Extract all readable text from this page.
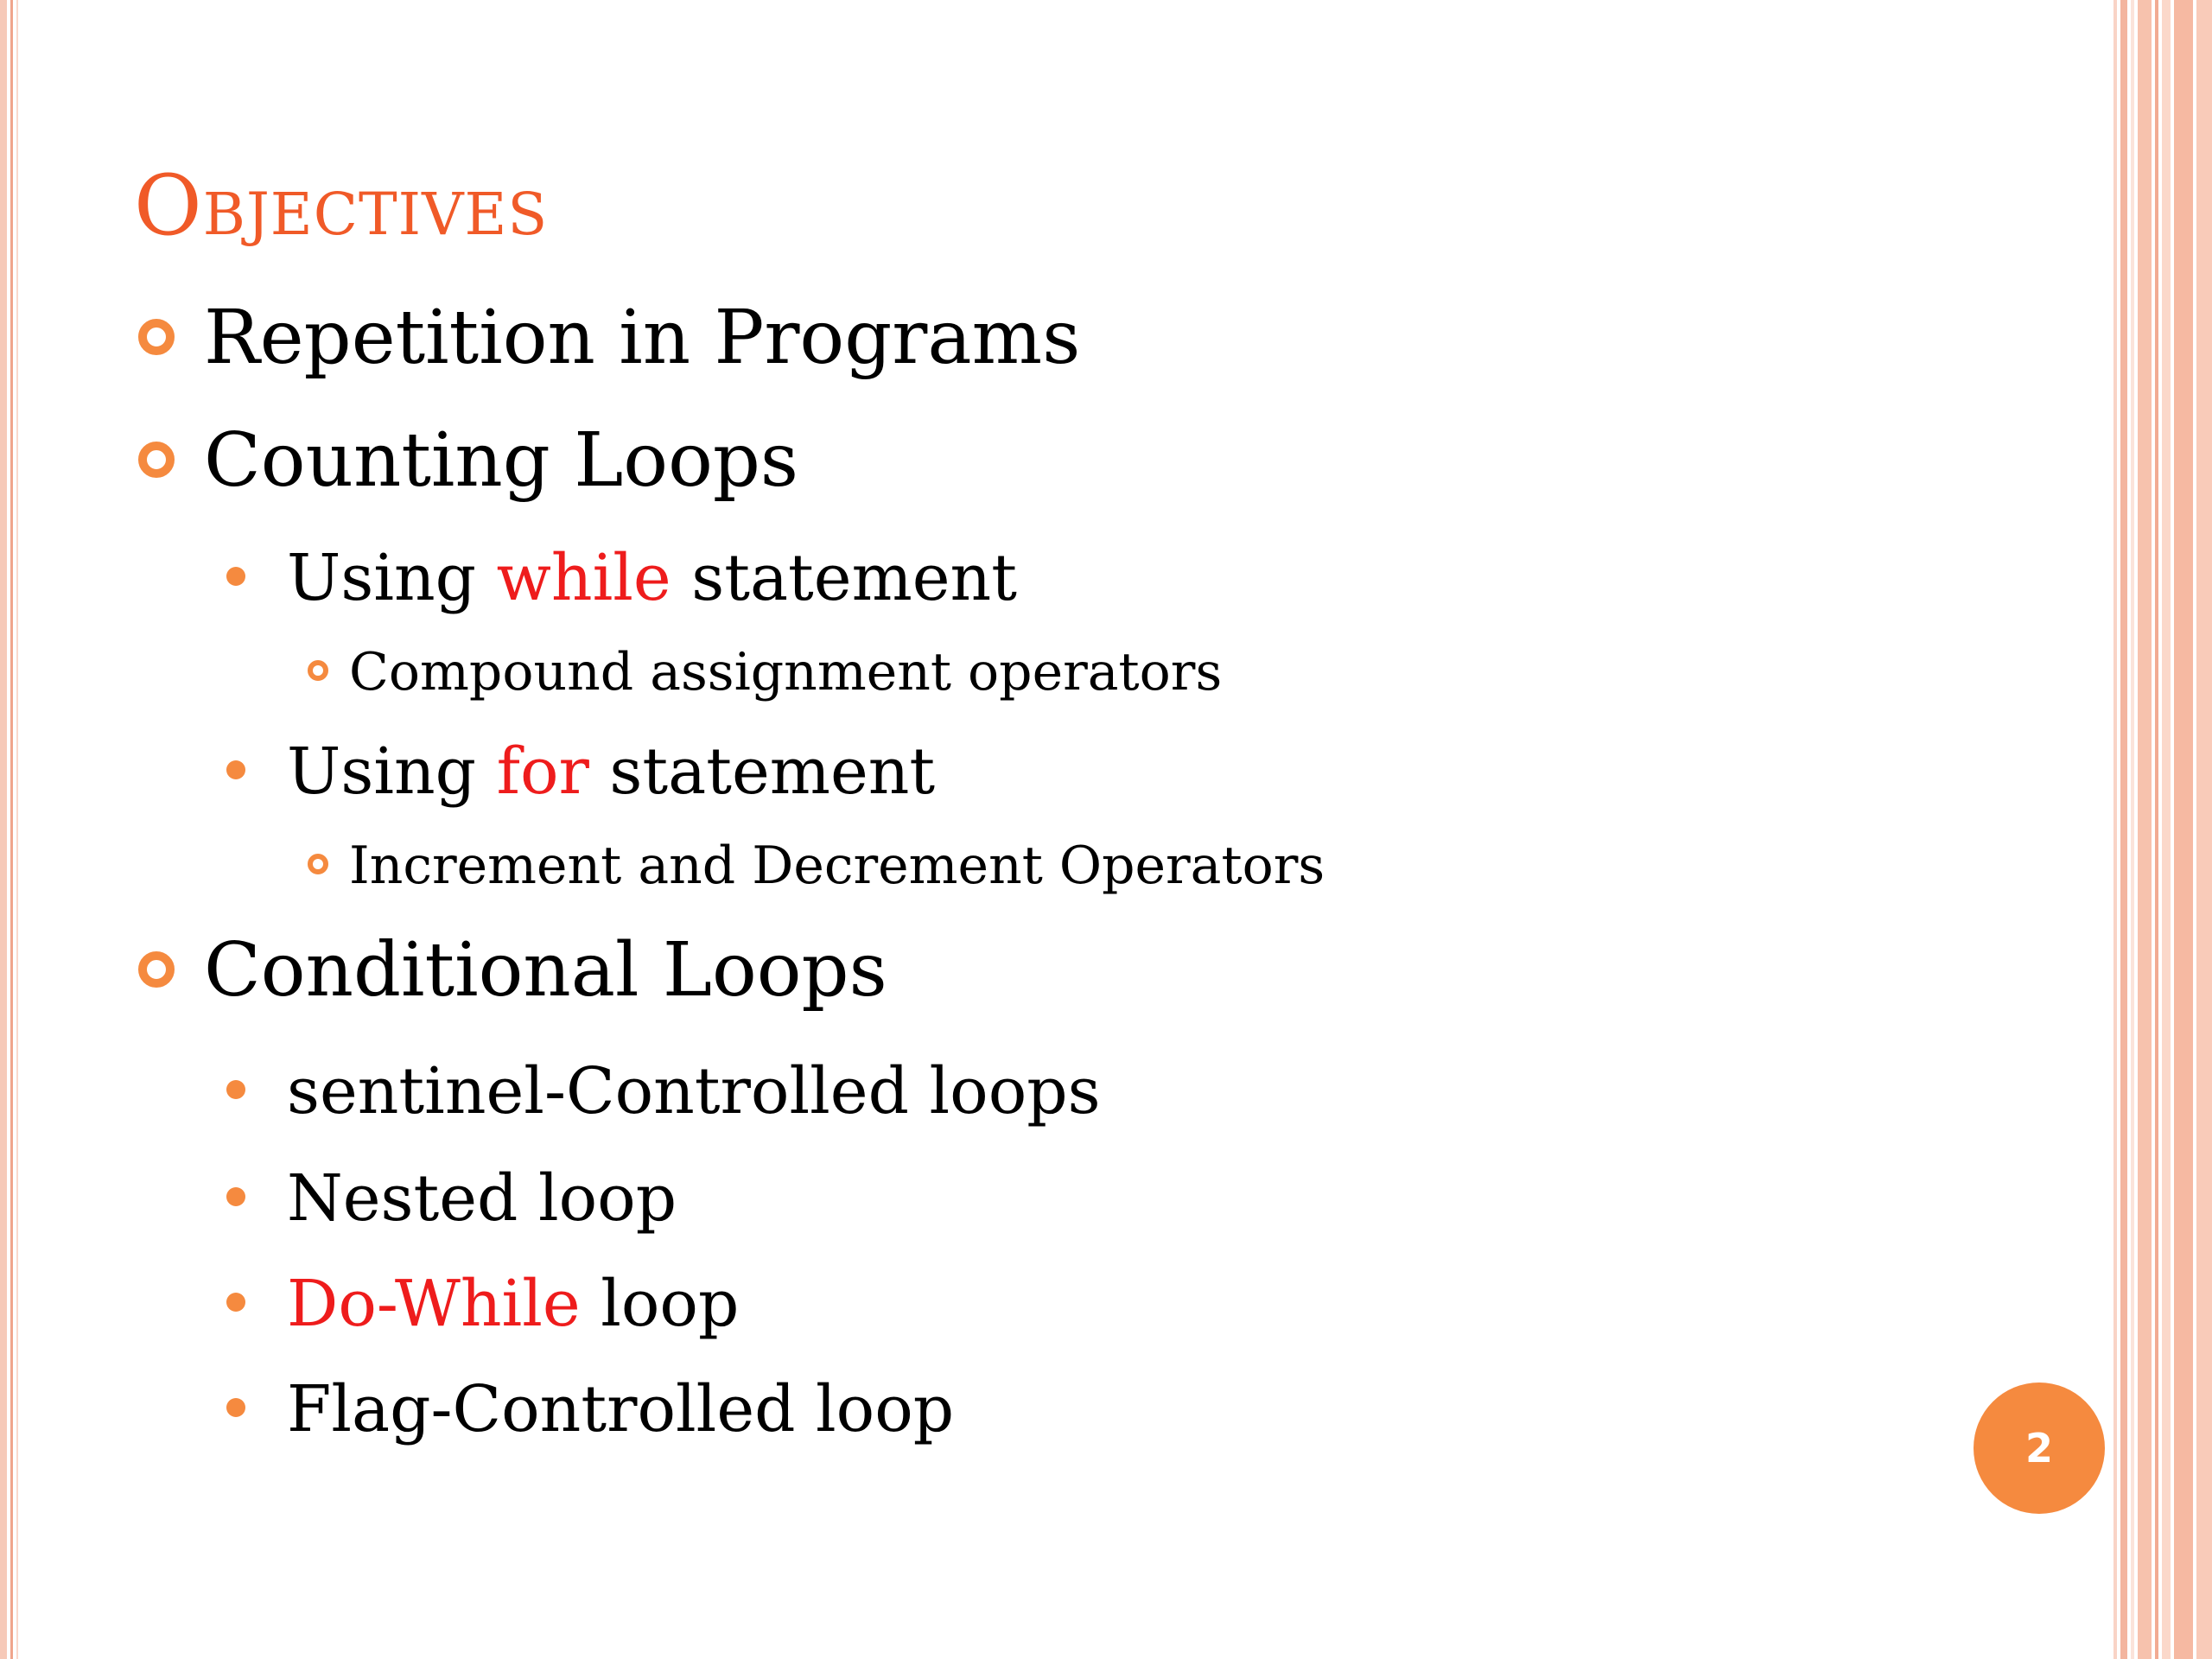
Objectives
Repetition in Programs
Counting Loops
Using while statement
Compound assignment operators
Using for statement
Increment and Decrement Operators
Conditional Loops
sentinel-Controlled loops
Nested loop
Do-While loop
Flag-Controlled loop
2
